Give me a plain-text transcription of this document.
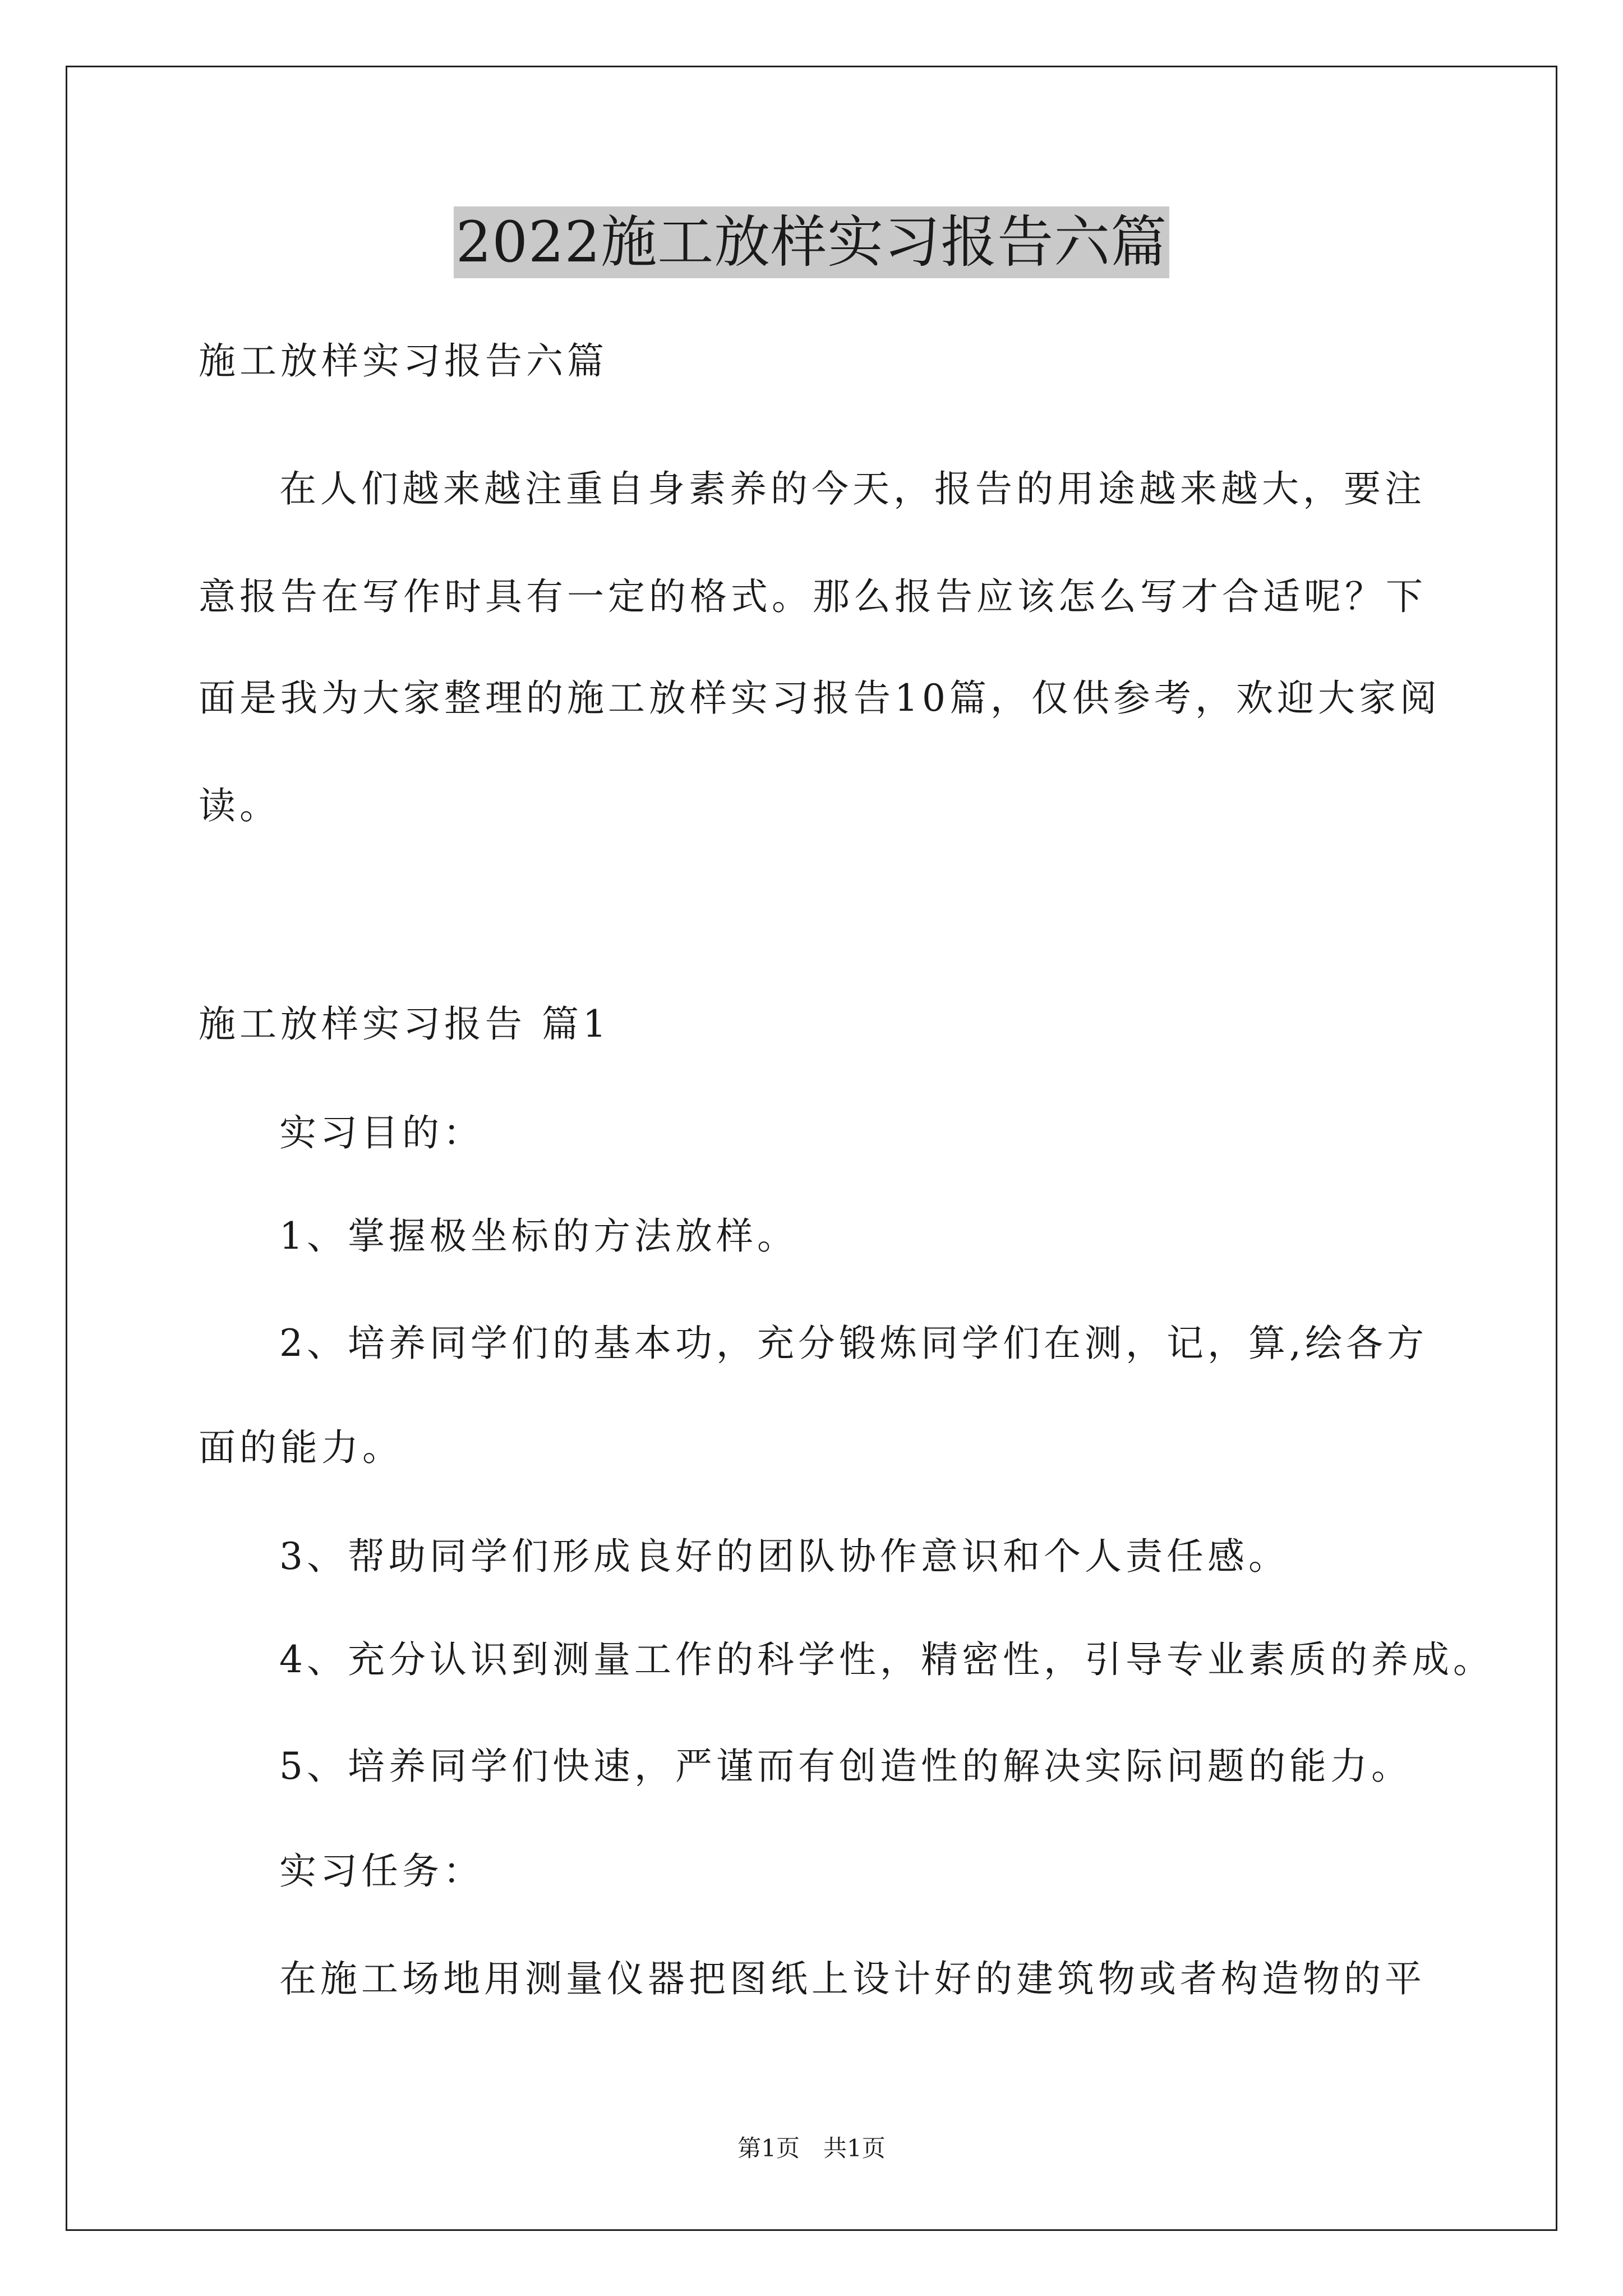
2022施工放样实习报告六篇
施工放样实习报告六篇
在人们越来越注重自身素养的今天，报告的用途越来越大，要注
意报告在写作时具有一定的格式。那么报告应该怎么写才合适呢？下
面是我为大家整理的施工放样实习报告10篇，仅供参考，欢迎大家阅
读。
施工放样实习报告 篇1
实习目的：
1、掌握极坐标的方法放样。
2、培养同学们的基本功，充分锻炼同学们在测，记，算,绘各方
面的能力。
3、帮助同学们形成良好的团队协作意识和个人责任感。
4、充分认识到测量工作的科学性，精密性，引导专业素质的养成。
5、培养同学们快速，严谨而有创造性的解决实际问题的能力。
实习任务：
在施工场地用测量仪器把图纸上设计好的建筑物或者构造物的平
第1页　共1页
